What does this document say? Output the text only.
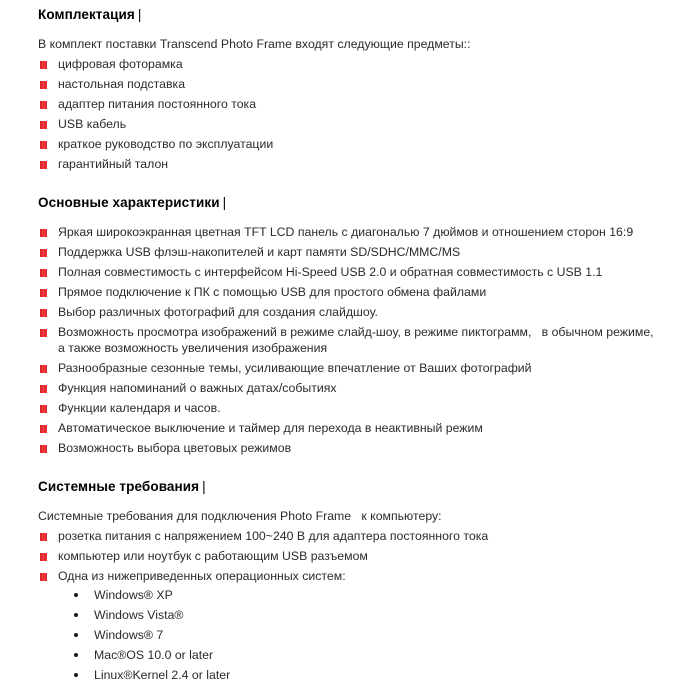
Комплектация |

В комплект поставки Transcend Photo Frame входят следующие предметы::

цифровая фоторамка
настольная подставка
адаптер питания постоянного тока
USB кабель
краткое руководство по эксплуатации
гарантийный талон
Основные характеристики |
Яркая широкоэкранная цветная TFT LCD панель с диагональю 7 дюймов и отношением сторон 16:9
Поддержка USB флэш-накопителей и карт памяти SD/SDHC/MMC/MS
Полная совместимость с интерфейсом Hi-Speed USB 2.0 и обратная совместимость с USB 1.1
Прямое подключение к ПК с помощью USB для простого обмена файлами
Выбор различных фотографий для создания слайдшоу.
Возможность просмотра изображений в режиме слайд-шоу, в режиме пиктограмм,   в обычном режиме, а также возможность увеличения изображения
Разнообразные сезонные темы, усиливающие впечатление от Ваших фотографий
Функция напоминаний о важных датах/событиях
Функции календаря и часов.
Автоматическое выключение и таймер для перехода в неактивный режим
Возможность выбора цветовых режимов
Системные требования |

Системные требования для подключения Photo Frame   к компьютеру:

розетка питания с напряжением 100~240 В для адаптера постоянного тока
компьютер или ноутбук с работающим USB разъемом
Одна из нижеприведенных операционных систем:
Windows® XP
Windows Vista®
Windows® 7
Mac®OS 10.0 or later
Linux®Kernel 2.4 or later
